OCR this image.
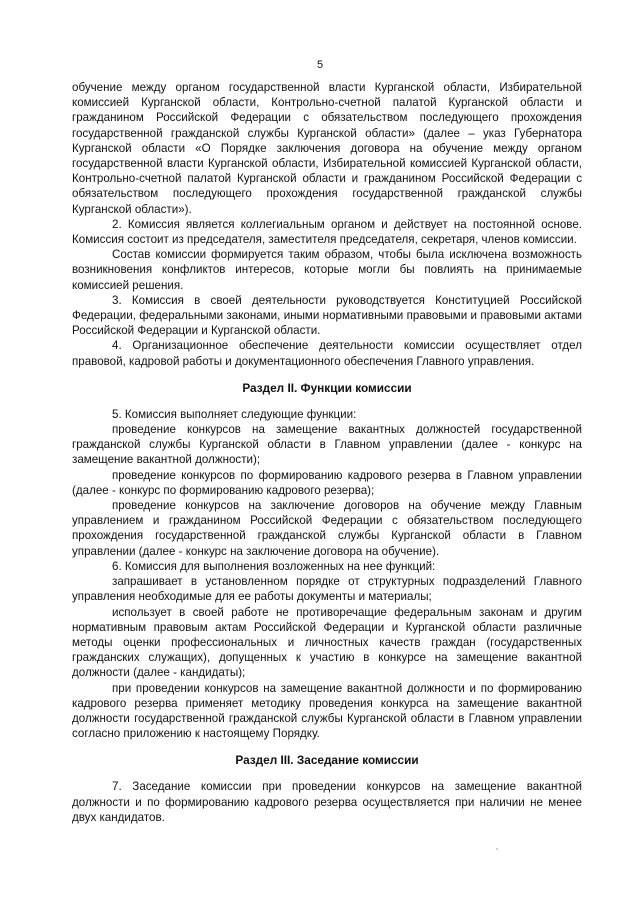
5

обучение между органом государственной власти Курганской области, Избирательной комиссией Курганской области, Контрольно-счетной палатой Курганской области и гражданином Российской Федерации с обязательством последующего прохождения государственной гражданской службы Курганской области» (далее – указ Губернатора Курганской области «О Порядке заключения договора на обучение между органом государственной власти Курганской области, Избирательной комиссией Курганской области, Контрольно-счетной палатой Курганской области и гражданином Российской Федерации с обязательством последующего прохождения государственной гражданской службы Курганской области»).

2. Комиссия является коллегиальным органом и действует на постоянной основе. Комиссия состоит из председателя, заместителя председателя, секретаря, членов комиссии.

Состав комиссии формируется таким образом, чтобы была исключена возможность возникновения конфликтов интересов, которые могли бы повлиять на принимаемые комиссией решения.

3. Комиссия в своей деятельности руководствуется Конституцией Российской Федерации, федеральными законами, иными нормативными правовыми и правовыми актами Российской Федерации и Курганской области.

4. Организационное обеспечение деятельности комиссии осуществляет отдел правовой, кадровой работы и документационного обеспечения Главного управления.

Раздел II. Функции комиссии

5. Комиссия выполняет следующие функции:

проведение конкурсов на замещение вакантных должностей государственной гражданской службы Курганской области в Главном управлении (далее - конкурс на замещение вакантной должности);

проведение конкурсов по формированию кадрового резерва в Главном управлении (далее - конкурс по формированию кадрового резерва);

проведение конкурсов на заключение договоров на обучение между Главным управлением и гражданином Российской Федерации с обязательством последующего прохождения государственной гражданской службы Курганской области в Главном управлении (далее - конкурс на заключение договора на обучение).

6. Комиссия для выполнения возложенных на нее функций:

запрашивает в установленном порядке от структурных подразделений Главного управления необходимые для ее работы документы и материалы;

использует в своей работе не противоречащие федеральным законам и другим нормативным правовым актам Российской Федерации и Курганской области различные методы оценки профессиональных и личностных качеств граждан (государственных гражданских служащих), допущенных к участию в конкурсе на замещение вакантной должности (далее - кандидаты);

при проведении конкурсов на замещение вакантной должности и по формированию кадрового резерва применяет методику проведения конкурса на замещение вакантной должности государственной гражданской службы Курганской области в Главном управлении согласно приложению к настоящему Порядку.

Раздел III. Заседание комиссии

7. Заседание комиссии при проведении конкурсов на замещение вакантной должности и по формированию кадрового резерва осуществляется при наличии не менее двух кандидатов.
